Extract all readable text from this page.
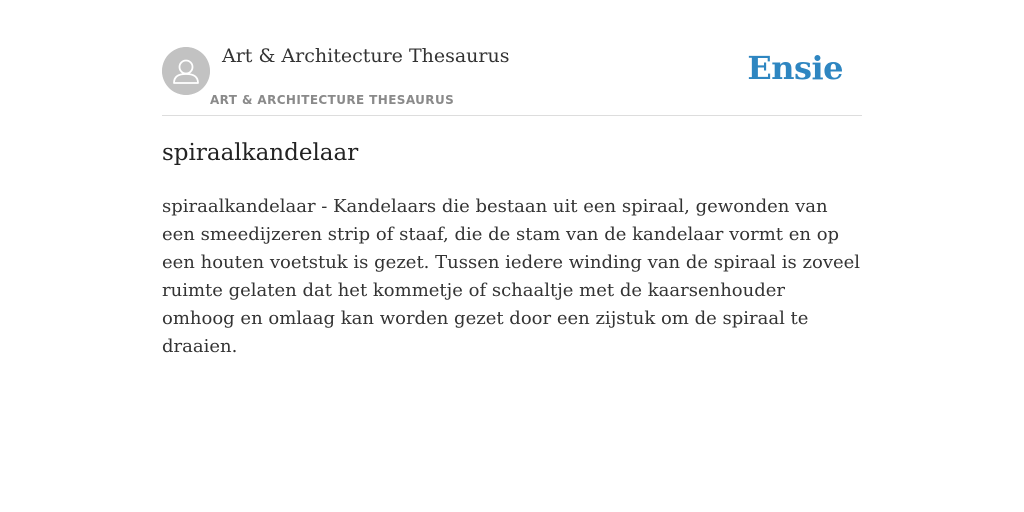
Art & Architecture Thesaurus
ART & ARCHITECTURE THESAURUS
Ensie
spiraalkandelaar

spiraalkandelaar - Kandelaars die bestaan uit een spiraal, gewonden van een smeedijzeren strip of staaf, die de stam van de kandelaar vormt en op een houten voetstuk is gezet. Tussen iedere winding van de spiraal is zoveel ruimte gelaten dat het kommetje of schaaltje met de kaarsenhouder omhoog en omlaag kan worden gezet door een zijstuk om de spiraal te draaien.
